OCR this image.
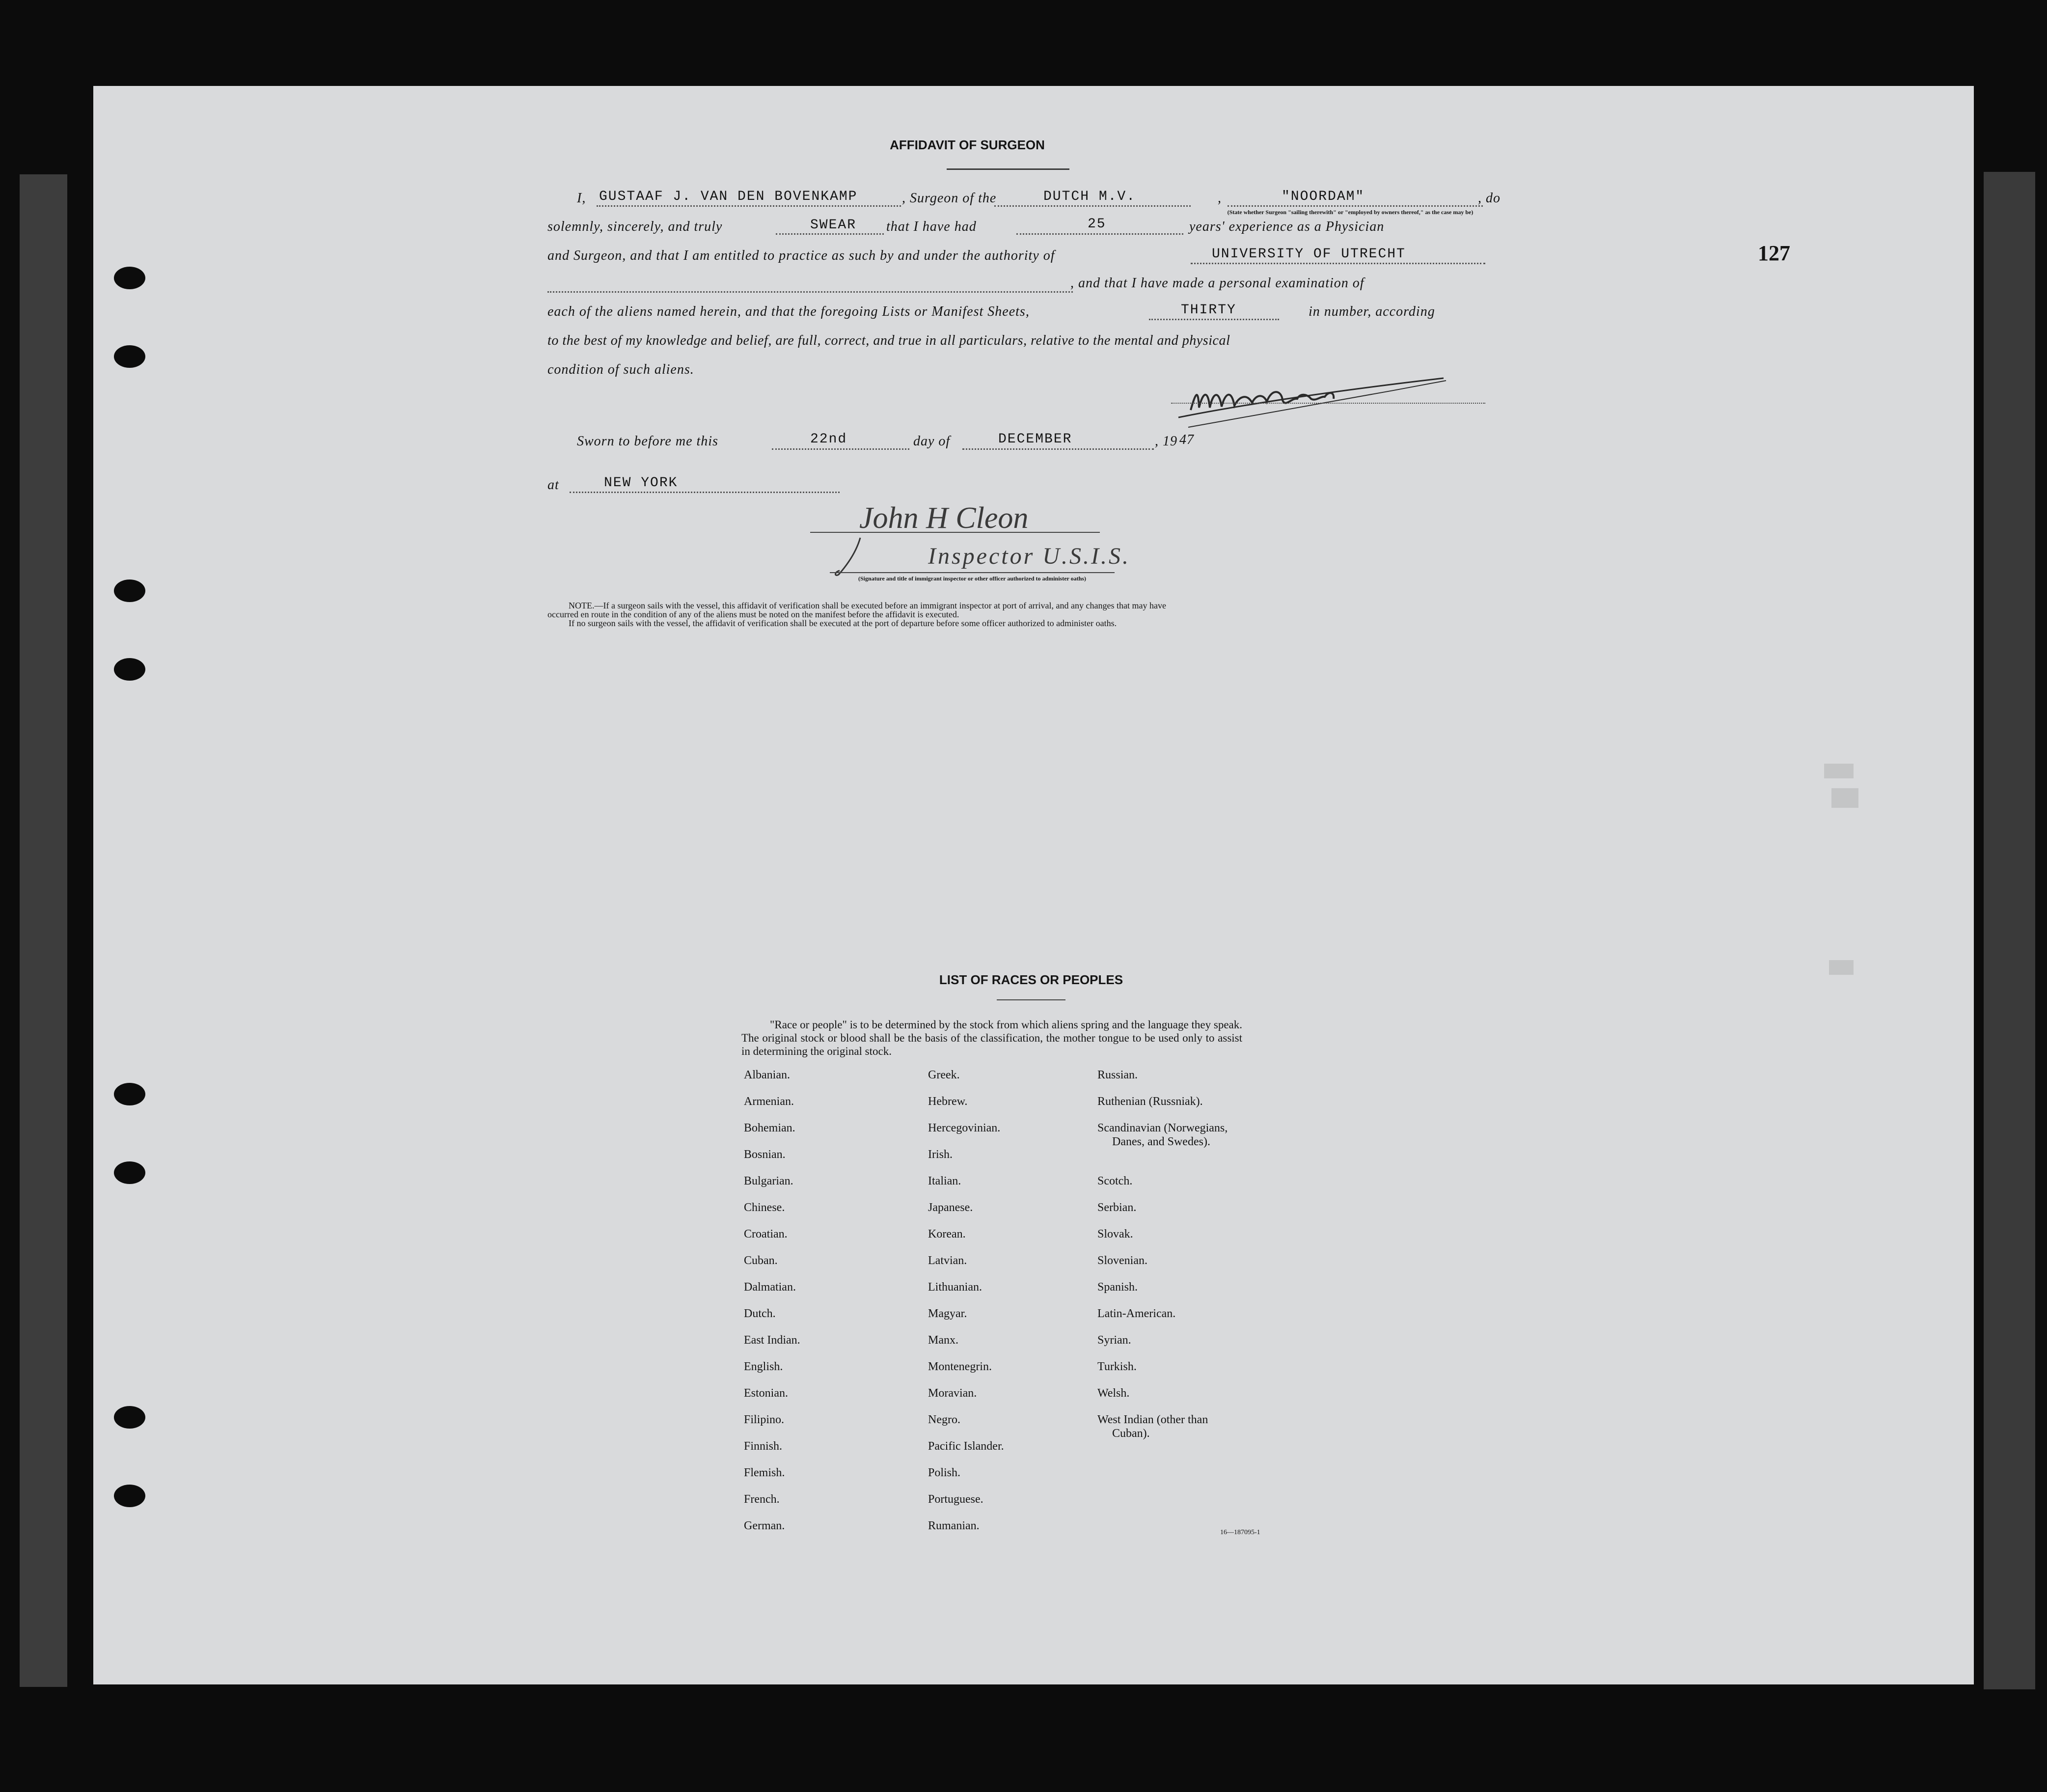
127
AFFIDAVIT OF SURGEON
I, GUSTAAF J. VAN DEN BOVENKAMP	, Surgeon of the	DUTCH M.V.	,	"NOORDAM"
(State whether Surgeon "sailing therewith" or "employed by owners thereof," as the case may be)
, do
solemnly, sincerely, and truly	SWEAR that I have had	25	years' experience as a Physician
and Surgeon, and that I am entitled to practice as such by and under the authority of	UNIVERSITY OF UTRECHT
, and that I have made a personal examination of
each of the aliens named herein, and that the foregoing Lists or Manifest Sheets,	THIRTY	in number, according
to the best of my knowledge and belief, are full, correct, and true in all particulars, relative to the mental and physical
condition of such aliens.
Sworn to before me this	22nd	day of	DECEMBER	, 19 47
at	NEW YORK
John H Cleon
Inspector U.S.I.S.
(Signature and title of immigrant inspector or other officer authorized to administer oaths)
NOTE.—If a surgeon sails with the vessel, this affidavit of verification shall be executed before an immigrant inspector at port of arrival, and any changes that may have
occurred en route in the condition of any of the aliens must be noted on the manifest before the affidavit is executed.
If no surgeon sails with the vessel, the affidavit of verification shall be executed at the port of departure before some officer authorized to administer oaths.
LIST OF RACES OR PEOPLES
"Race or people" is to be determined by the stock from which aliens spring and the language they speak. The original stock or blood shall be the basis of the classification, the mother tongue to be used only to assist in determining the original stock.
Albanian.
Armenian.
Bohemian.
Bosnian.
Bulgarian.
Chinese.
Croatian.
Cuban.
Dalmatian.
Dutch.
East Indian.
English.
Estonian.
Filipino.
Finnish.
Flemish.
French.
German.
Greek.
Hebrew.
Hercegovinian.
Irish.
Italian.
Japanese.
Korean.
Latvian.
Lithuanian.
Magyar.
Manx.
Montenegrin.
Moravian.
Negro.
Pacific Islander.
Polish.
Portuguese.
Rumanian.
Russian.
Ruthenian (Russniak).
Scandinavian (Norwegians,
Danes, and Swedes).
Scotch.
Serbian.
Slovak.
Slovenian.
Spanish.
Latin-American.
Syrian.
Turkish.
Welsh.
West Indian (other than
Cuban).
16—187095-1
